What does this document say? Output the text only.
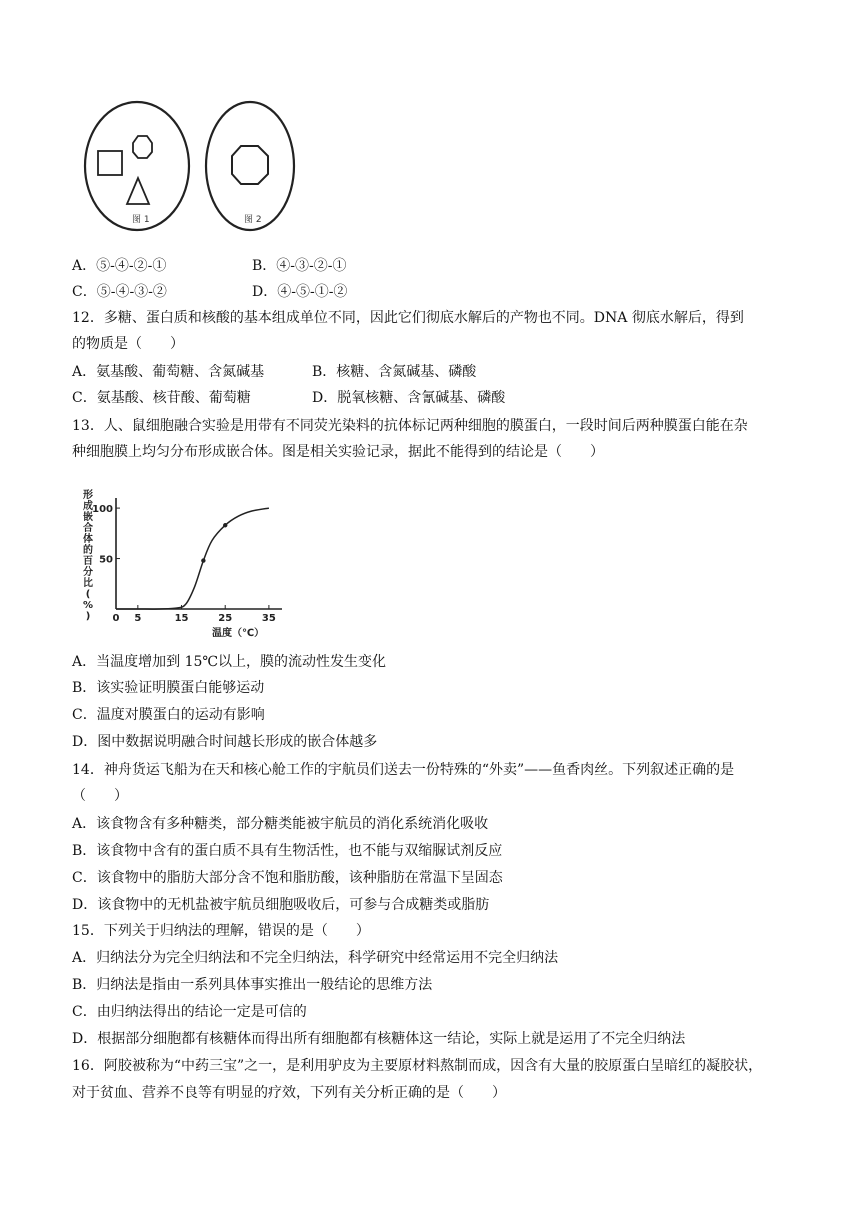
图 1	图 2
A．⑤-④-②-①	B．④-③-②-①
C．⑤-④-③-②	D．④-⑤-①-②
12．多糖、蛋白质和核酸的基本组成单位不同，因此它们彻底水解后的产物也不同。DNA 彻底水解后，得到
的物质是（　　）
A．氨基酸、葡萄糖、含氮碱基	B．核糖、含氮碱基、磷酸
C．氨基酸、核苷酸、葡萄糖	D．脱氧核糖、含氰碱基、磷酸
13．人、鼠细胞融合实验是用带有不同荧光染料的抗体标记两种细胞的膜蛋白，一段时间后两种膜蛋白能在杂
种细胞膜上均匀分布形成嵌合体。图是相关实验记录，据此不能得到的结论是（　　）
形
成
嵌
合
体
的
百
分
比
(
%
) 0 5	15	25	35
50
100
温度（℃）
A．当温度增加到 15℃以上，膜的流动性发生变化
B．该实验证明膜蛋白能够运动
C．温度对膜蛋白的运动有影响
D．图中数据说明融合时间越长形成的嵌合体越多
14．神舟货运飞船为在天和核心舱工作的宇航员们送去一份特殊的“外卖”——鱼香肉丝。下列叙述正确的是
（　　）
A．该食物含有多种糖类，部分糖类能被宇航员的消化系统消化吸收
B．该食物中含有的蛋白质不具有生物活性，也不能与双缩脲试剂反应
C．该食物中的脂肪大部分含不饱和脂肪酸，该种脂肪在常温下呈固态
D．该食物中的无机盐被宇航员细胞吸收后，可参与合成糖类或脂肪
15．下列关于归纳法的理解，错误的是（　　）
A．归纳法分为完全归纳法和不完全归纳法，科学研究中经常运用不完全归纳法
B．归纳法是指由一系列具体事实推出一般结论的思维方法
C．由归纳法得出的结论一定是可信的
D．根据部分细胞都有核糖体而得出所有细胞都有核糖体这一结论，实际上就是运用了不完全归纳法
16．阿胶被称为“中药三宝”之一，是利用驴皮为主要原材料熬制而成，因含有大量的胶原蛋白呈暗红的凝胶状，
对于贫血、营养不良等有明显的疗效，下列有关分析正确的是（　　）
